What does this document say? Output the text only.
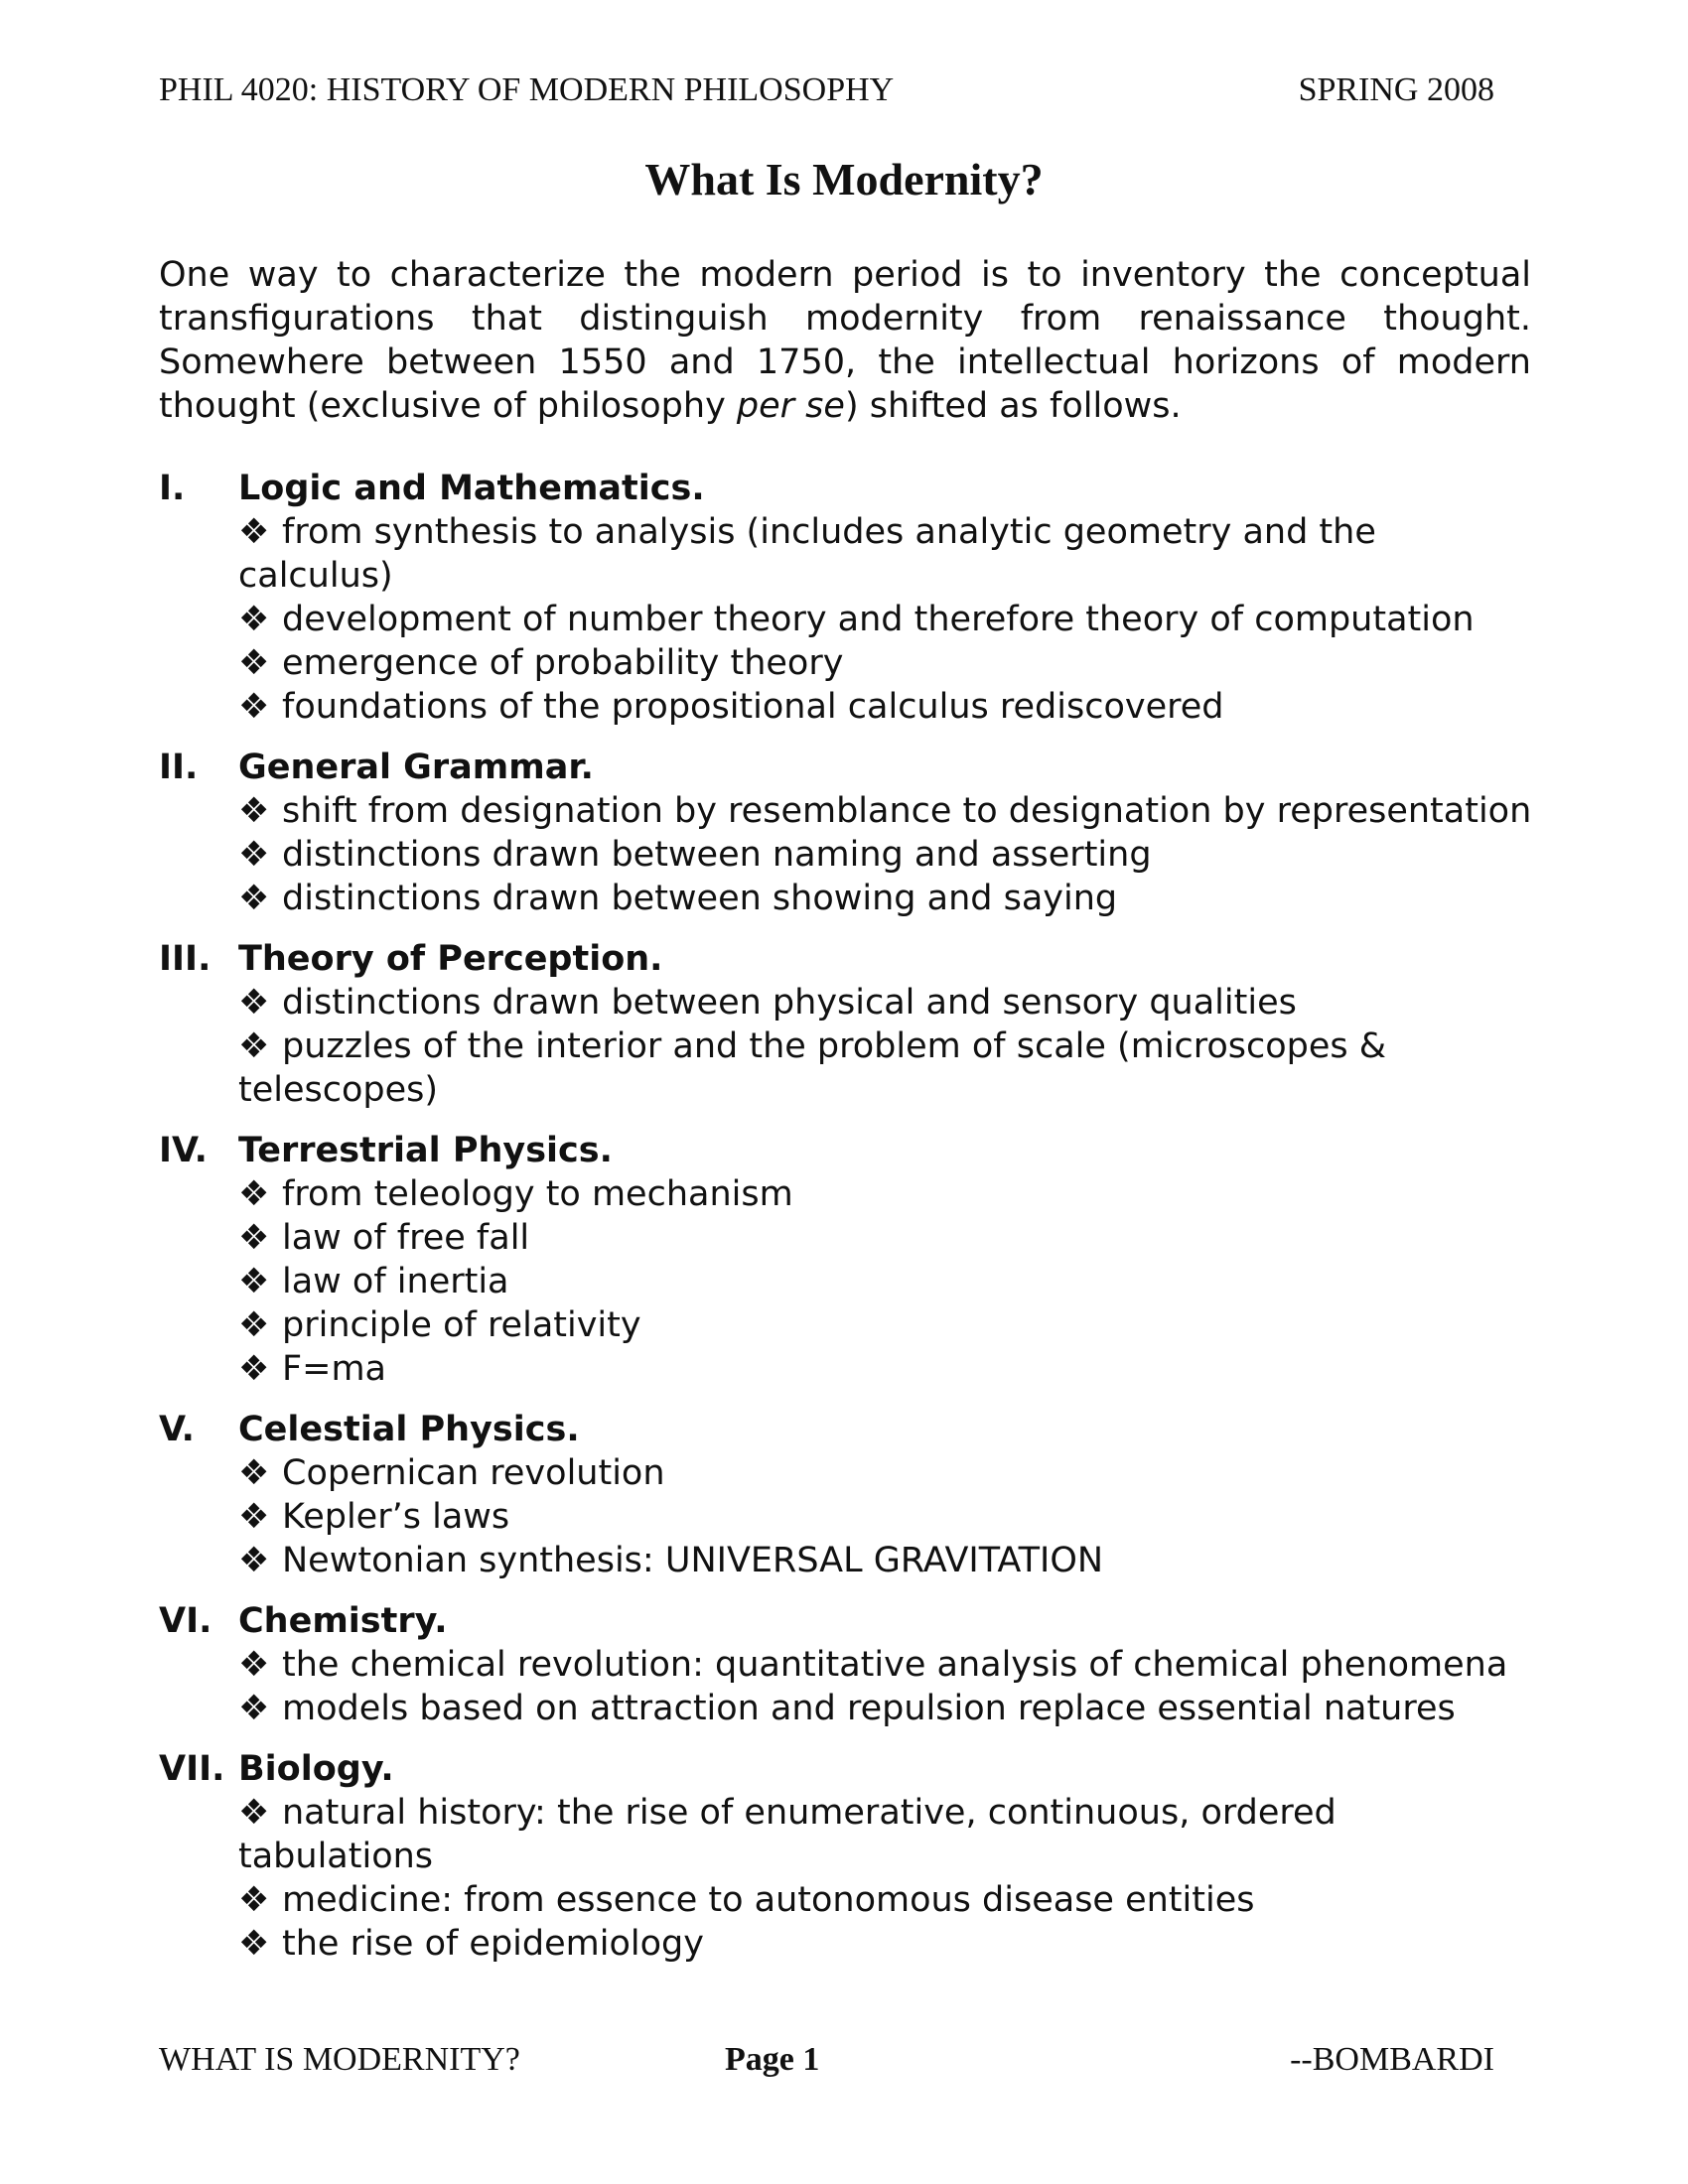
PHIL 4020: HISTORY OF MODERN PHILOSOPHY	SPRING 2008
What Is Modernity?

One way to characterize the modern period is to inventory the conceptual transfigurations that distinguish modernity from renaissance thought. Somewhere between 1550 and 1750, the intellectual horizons of modern thought (exclusive of philosophy per se) shifted as follows.

I.	Logic and Mathematics.
❖ from synthesis to analysis (includes analytic geometry and the calculus)
❖ development of number theory and therefore theory of computation
❖ emergence of probability theory
❖ foundations of the propositional calculus rediscovered
II.	General Grammar.
❖ shift from designation by resemblance to designation by representation
❖ distinctions drawn between naming and asserting
❖ distinctions drawn between showing and saying
III. Theory of Perception.
❖ distinctions drawn between physical and sensory qualities
❖ puzzles of the interior and the problem of scale (microscopes & telescopes)
IV. Terrestrial Physics.
❖ from teleology to mechanism
❖ law of free fall
❖ law of inertia
❖ principle of relativity
❖ F=ma
V.	Celestial Physics.
❖ Copernican revolution
❖ Kepler’s laws
❖ Newtonian synthesis: UNIVERSAL GRAVITATION
VI. Chemistry.
❖ the chemical revolution: quantitative analysis of chemical phenomena
❖ models based on attraction and repulsion replace essential natures
VII. Biology.
❖ natural history: the rise of enumerative, continuous, ordered tabulations
❖ medicine: from essence to autonomous disease entities
❖ the rise of epidemiology
WHAT IS MODERNITY?	Page 1	--BOMBARDI
